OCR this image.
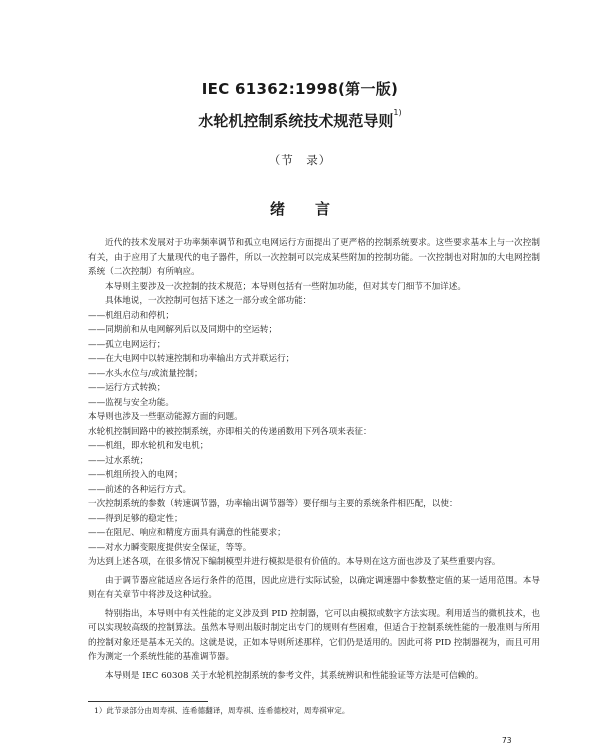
IEC 61362:1998(第一版)
水轮机控制系统技术规范导则$^{1)}$
（节　录）
绪　　言

近代的技术发展对于功率频率调节和孤立电网运行方面提出了更严格的控制系统要求。这些要求基本上与一次控制有关，由于应用了大量现代的电子器件，所以一次控制可以完成某些附加的控制功能。一次控制也对附加的大电网控制系统（二次控制）有所响应。

本导则主要涉及一次控制的技术规范；本导则包括有一些附加功能，但对其专门细节不加详述。

具体地说，一次控制可包括下述之一部分或全部功能：

——机组启动和停机；

——同期前和从电网解列后以及同期中的空运转；

——孤立电网运行；

——在大电网中以转速控制和功率输出方式并联运行；

——水头水位与/或流量控制；

——运行方式转换；

——监视与安全功能。

本导则也涉及一些驱动能源方面的问题。

水轮机控制回路中的被控制系统，亦即相关的传递函数用下列各项来表征：

——机组，即水轮机和发电机；

——过水系统；

——机组所投入的电网；

——前述的各种运行方式。

一次控制系统的参数（转速调节器，功率输出调节器等）要仔细与主要的系统条件相匹配，以使：

——得到足够的稳定性；

——在阻尼、响应和精度方面具有满意的性能要求；

——对水力瞬变限度提供安全保证，等等。

为达到上述各项，在很多情况下编制模型并进行模拟是很有价值的。本导则在这方面也涉及了某些重要内容。

由于调节器应能适应各运行条件的范围，因此应进行实际试验，以确定调速器中参数整定值的某一适用范围。本导则在有关章节中将涉及这种试验。

特别指出，本导则中有关性能的定义涉及到 PID 控制器，它可以由模拟或数字方法实现。利用适当的微机技术，也可以实现较高级的控制算法。虽然本导则出版时制定出专门的规则有些困难，但适合于控制系统性能的一般准则与所用的控制对象还是基本无关的。这就是说，正如本导则所述那样，它们仍是适用的。因此可将 PID 控制器视为，而且可用作为测定一个系统性能的基准调节器。

本导则是 IEC 60308 关于水轮机控制系统的参考文件，其系统辨识和性能验证等方法是可信赖的。

1）此节录部分由周寿祺、连希德翻译，周寿祺、连希德校对，周寿祺审定。
73
